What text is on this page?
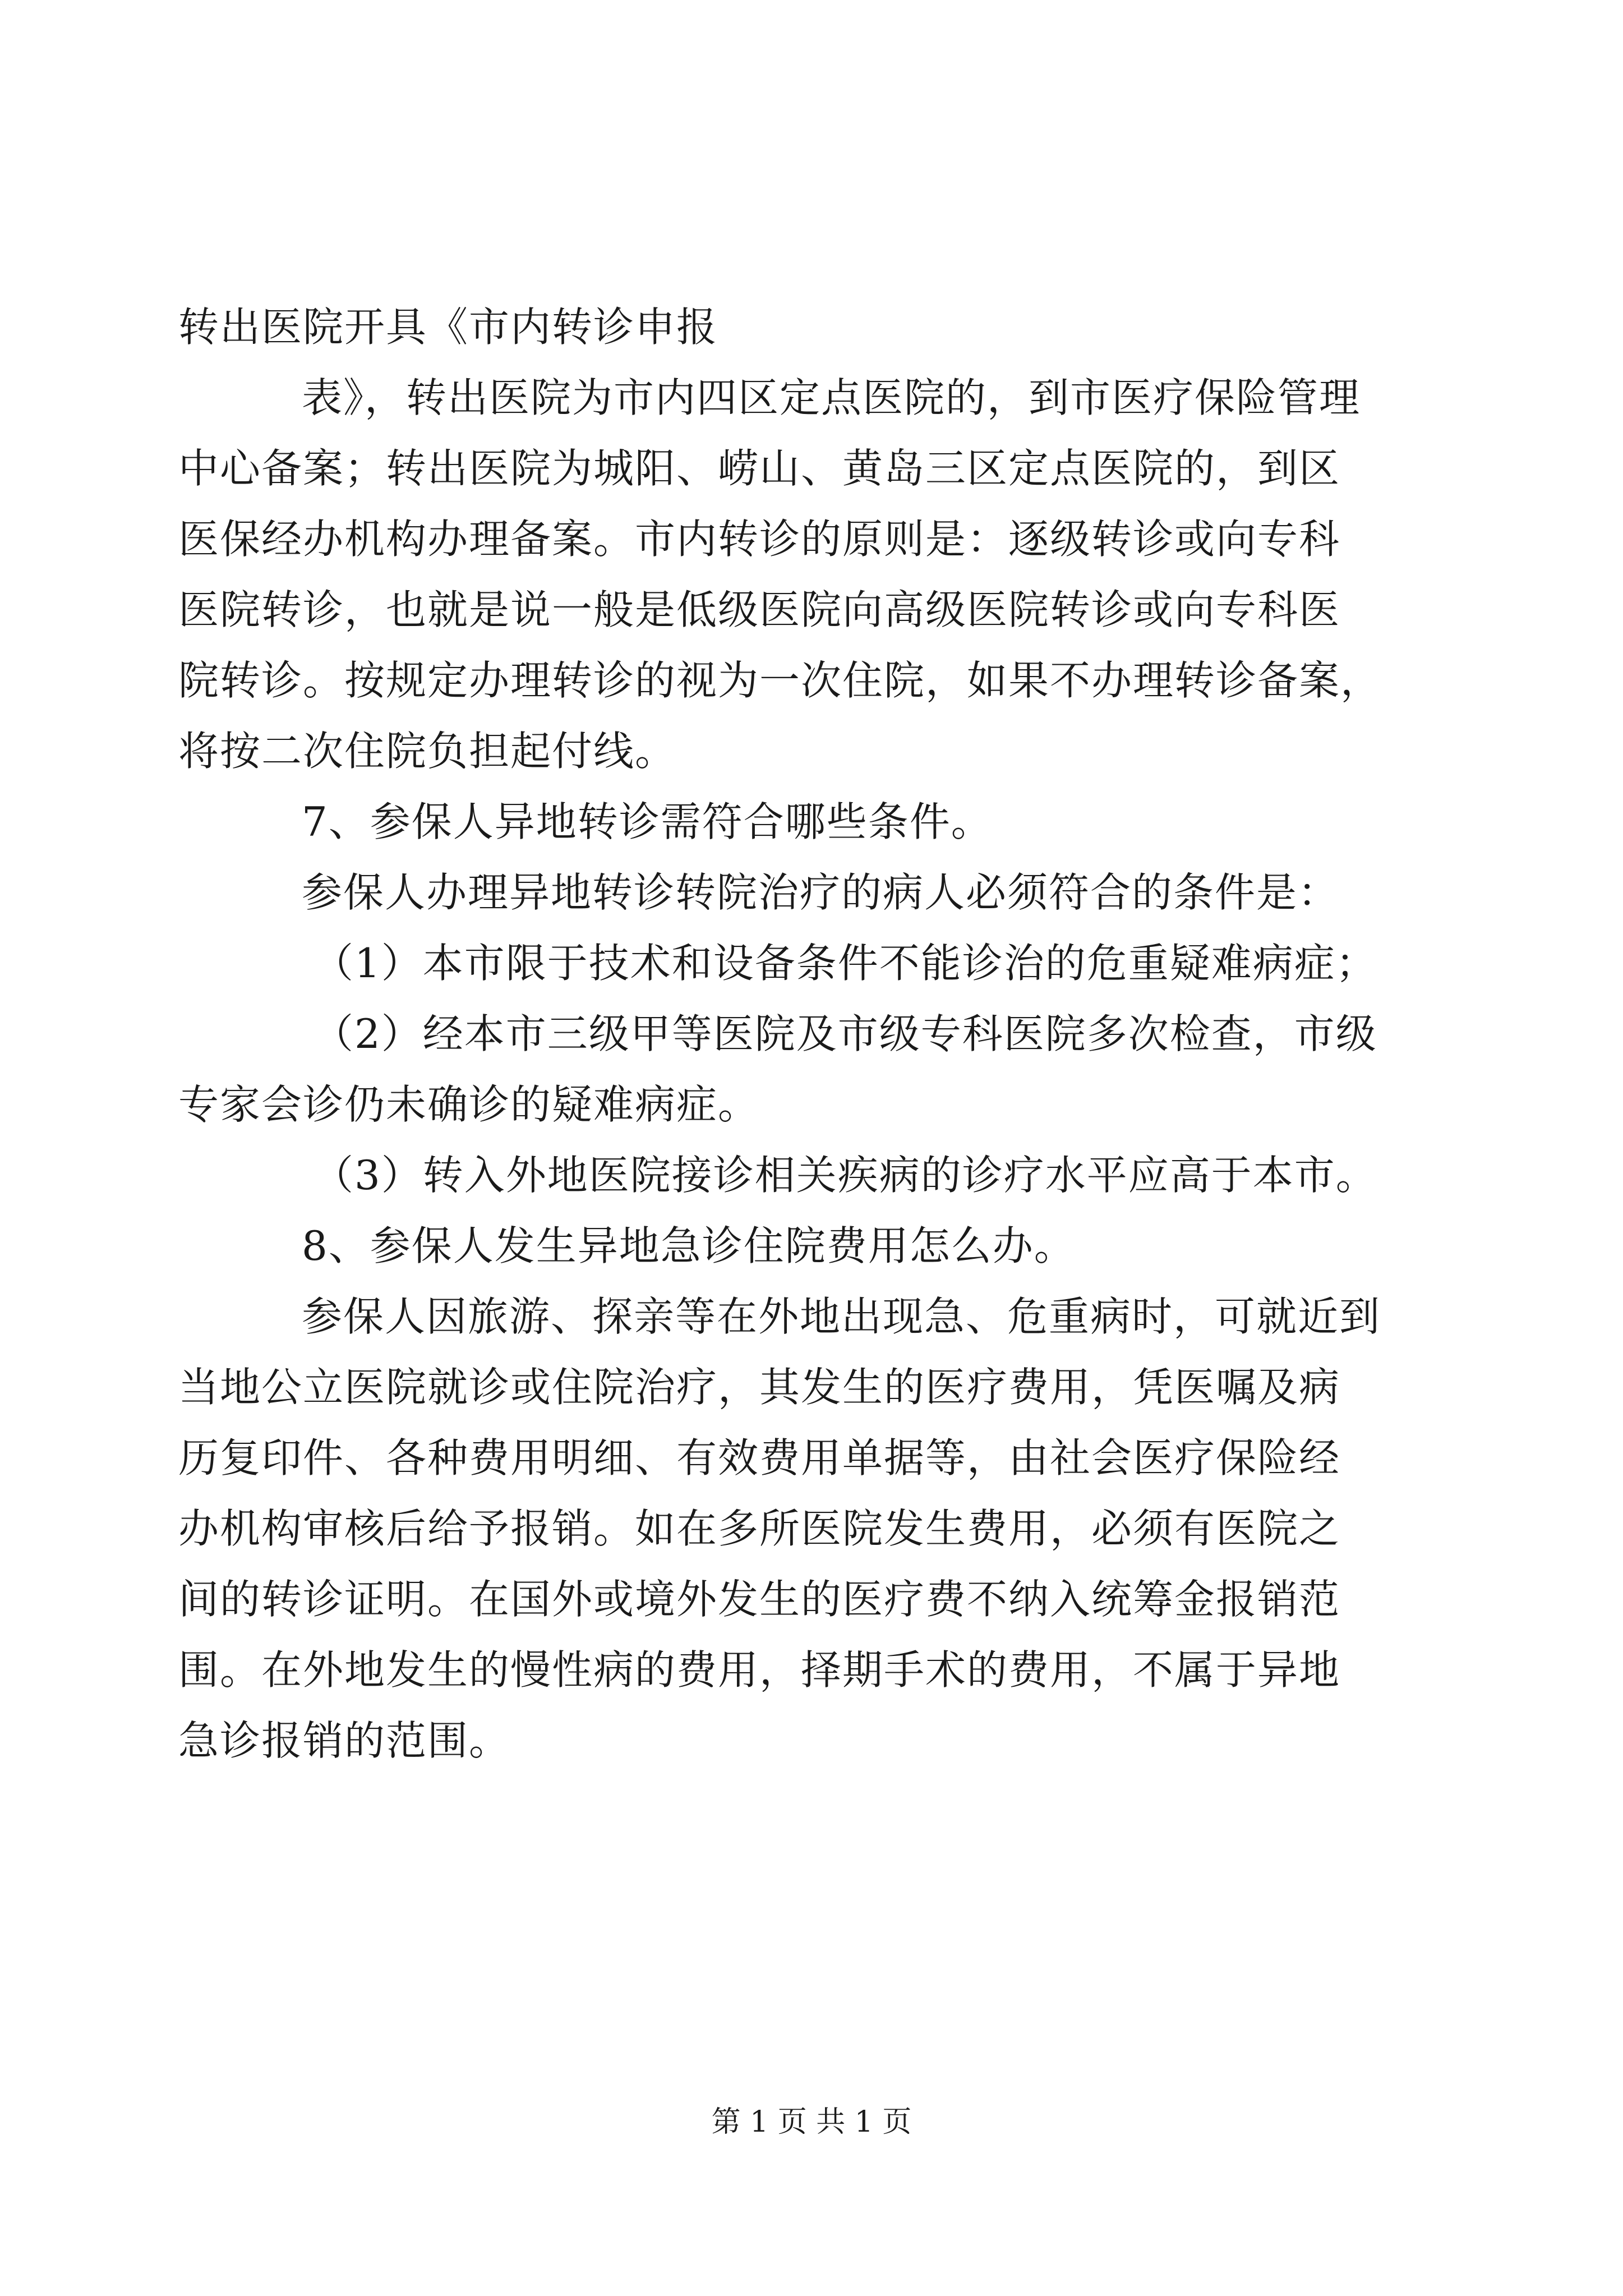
转出医院开具《市内转诊申报
表》，转出医院为市内四区定点医院的，到市医疗保险管理
中心备案；转出医院为城阳、崂山、黄岛三区定点医院的，到区
医保经办机构办理备案。市内转诊的原则是：逐级转诊或向专科
医院转诊，也就是说一般是低级医院向高级医院转诊或向专科医
院转诊。按规定办理转诊的视为一次住院，如果不办理转诊备案，
将按二次住院负担起付线。
7、参保人异地转诊需符合哪些条件。
参保人办理异地转诊转院治疗的病人必须符合的条件是：
（1）本市限于技术和设备条件不能诊治的危重疑难病症；
（2）经本市三级甲等医院及市级专科医院多次检查，市级
专家会诊仍未确诊的疑难病症。
（3）转入外地医院接诊相关疾病的诊疗水平应高于本市。
8、参保人发生异地急诊住院费用怎么办。
参保人因旅游、探亲等在外地出现急、危重病时，可就近到
当地公立医院就诊或住院治疗，其发生的医疗费用，凭医嘱及病
历复印件、各种费用明细、有效费用单据等，由社会医疗保险经
办机构审核后给予报销。如在多所医院发生费用，必须有医院之
间的转诊证明。在国外或境外发生的医疗费不纳入统筹金报销范
围。在外地发生的慢性病的费用，择期手术的费用，不属于异地
急诊报销的范围。
第 1 页 共 1 页
